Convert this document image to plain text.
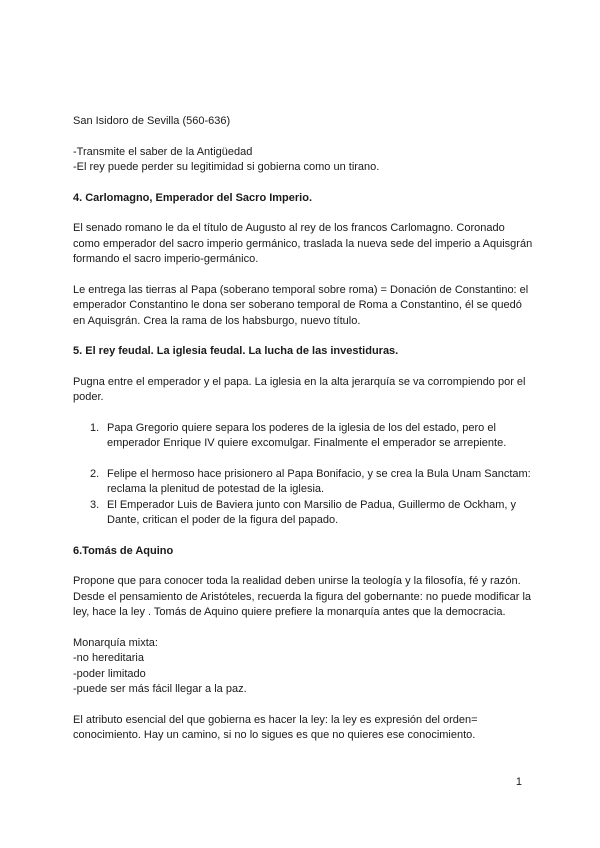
San Isidoro de Sevilla (560-636)

-Transmite el saber de la Antigüedad

-El rey puede perder su legitimidad si gobierna como un tirano.

4. Carlomagno, Emperador del Sacro Imperio.

El senado romano le da el título de Augusto al rey de los francos Carlomagno. Coronado como emperador del sacro imperio germánico, traslada la nueva sede del imperio a Aquisgrán formando el sacro imperio-germánico.

Le entrega las tierras al Papa (soberano temporal sobre roma) = Donación de Constantino: el emperador Constantino le dona ser soberano temporal de Roma a Constantino, él se quedó en Aquisgrán. Crea la rama de los habsburgo, nuevo título.

5. El rey feudal. La iglesia feudal. La lucha de las investiduras.

Pugna entre el emperador y el papa. La iglesia en la alta jerarquía se va corrompiendo por el poder.

1. Papa Gregorio quiere separa los poderes de la iglesia de los del estado, pero el emperador Enrique IV quiere excomulgar. Finalmente el emperador se arrepiente.
2. Felipe el hermoso hace prisionero al Papa Bonifacio, y se crea la Bula Unam Sanctam: reclama la plenitud de potestad de la iglesia.
3. El Emperador Luis de Baviera junto con Marsilio de Padua, Guillermo de Ockham, y Dante, critican el poder de la figura del papado.

6.Tomás de Aquino

Propone que para conocer toda la realidad deben unirse la teología y la filosofía, fé y razón. Desde el pensamiento de Aristóteles, recuerda la figura del gobernante: no puede modificar la ley, hace la ley . Tomás de Aquino quiere prefiere la monarquía antes que la democracia.

Monarquía mixta:

-no hereditaria

-poder limitado

-puede ser más fácil llegar a la paz.

El atributo esencial del que gobierna es hacer la ley: la ley es expresión del orden= conocimiento. Hay un camino, si no lo sigues es que no quieres ese conocimiento.

1
